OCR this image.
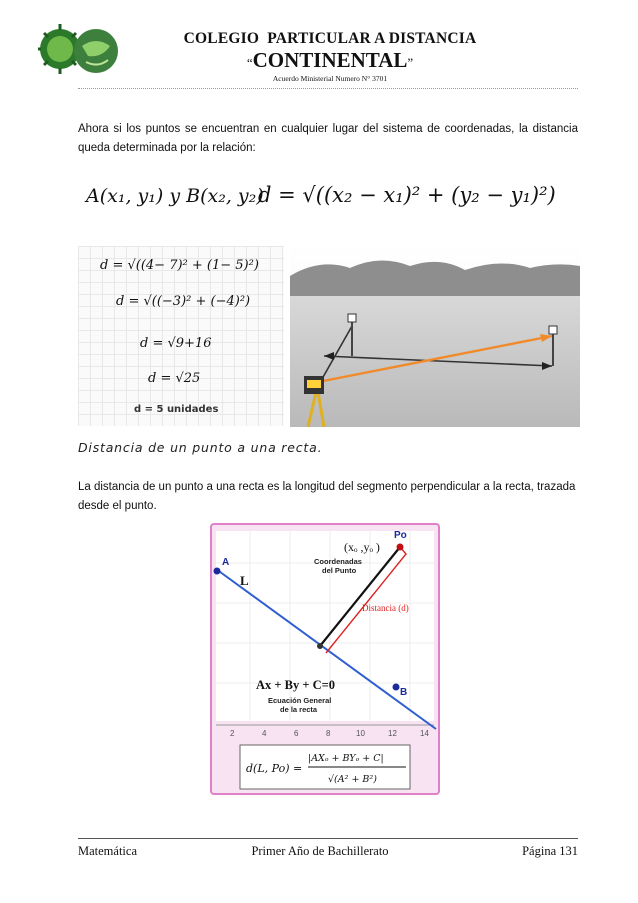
COLEGIO  PARTICULAR A DISTANCIA
“CONTINENTAL”
Acuerdo Ministerial Numero N° 3701
Ahora si los puntos se encuentran en cualquier lugar del sistema de coordenadas, la distancia queda determinada por la relación:
A(x₁, y₁) y B(x₂, y₂)
d = √((x₂ − x₁)² + (y₂ − y₁)²)
d = √((4− 7)² + (1− 5)²)
d = √((−3)² + (−4)²)
d = √9+16
d = √25
d = 5 unidades
Distancia de un punto a una recta.
La distancia de un punto a una recta es la longitud del segmento perpendicular a la recta, trazada desde el punto.
A
B
Po
L
(xₒ ,yₒ )
Coordenadas
del Punto
Distancia (d)
Ax + By + C=0
Ecuación General
de la recta
2	4	6	8	10	12	14
d(L, Po) =
|AXₒ + BYₒ + C|
√(A² + B²)
Matemática	Primer Año de Bachillerato	Página 131
